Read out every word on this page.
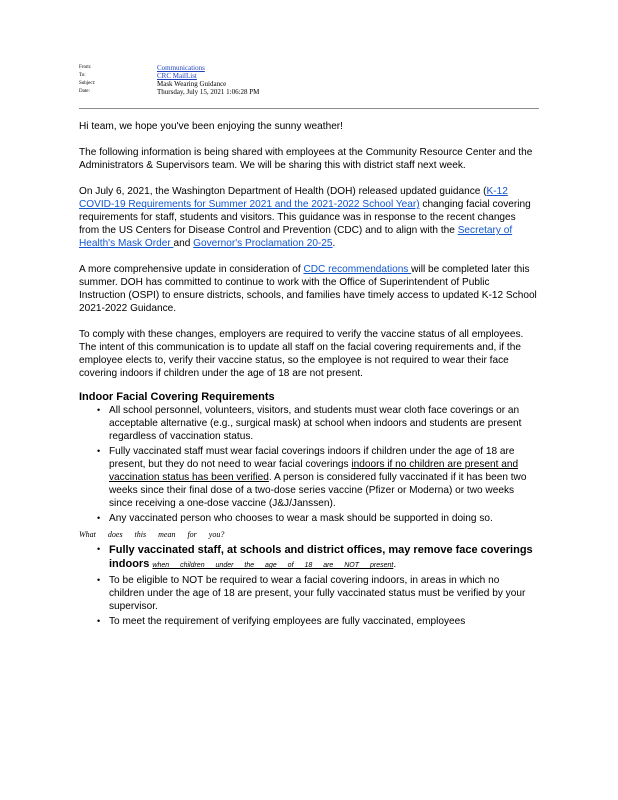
From:	Communications
To:	CRC MailList
Subject:	Mask Wearing Guidance
Date:	Thursday, July 15, 2021 1:06:28 PM

Hi team, we hope you've been enjoying the sunny weather!

The following information is being shared with employees at the Community Resource Center and the Administrators & Supervisors team. We will be sharing this with district staff next week.

On July 6, 2021, the Washington Department of Health (DOH) released updated guidance (K-12 COVID-19 Requirements for Summer 2021 and the 2021-2022 School Year) changing facial covering requirements for staff, students and visitors. This guidance was in response to the recent changes from the US Centers for Disease Control and Prevention (CDC) and to align with the Secretary of Health's Mask Order and Governor's Proclamation 20-25.

A more comprehensive update in consideration of CDC recommendations will be completed later this summer. DOH has committed to continue to work with the Office of Superintendent of Public Instruction (OSPI) to ensure districts, schools, and families have timely access to updated K-12 School 2021-2022 Guidance.

To comply with these changes, employers are required to verify the vaccine status of all employees. The intent of this communication is to update all staff on the facial covering requirements and, if the employee elects to, verify their vaccine status, so the employee is not required to wear their face covering indoors if children under the age of 18 are not present.

Indoor Facial Covering Requirements
• All school personnel, volunteers, visitors, and students must wear cloth face coverings or an acceptable alternative (e.g., surgical mask) at school when indoors and students are present regardless of vaccination status.
• Fully vaccinated staff must wear facial coverings indoors if children under the age of 18 are present, but they do not need to wear facial coverings indoors if no children are present and vaccination status has been verified. A person is considered fully vaccinated if it has been two weeks since their final dose of a two-dose series vaccine (Pfizer or Moderna) or two weeks since receiving a one-dose vaccine (J&J/Janssen).
• Any vaccinated person who chooses to wear a mask should be supported in doing so.
What does this mean for you?
• Fully vaccinated staff, at schools and district offices, may remove face coverings indoors when children under the age of 18 are NOT present.
• To be eligible to NOT be required to wear a facial covering indoors, in areas in which no children under the age of 18 are present, your fully vaccinated status must be verified by your supervisor.
• To meet the requirement of verifying employees are fully vaccinated, employees
